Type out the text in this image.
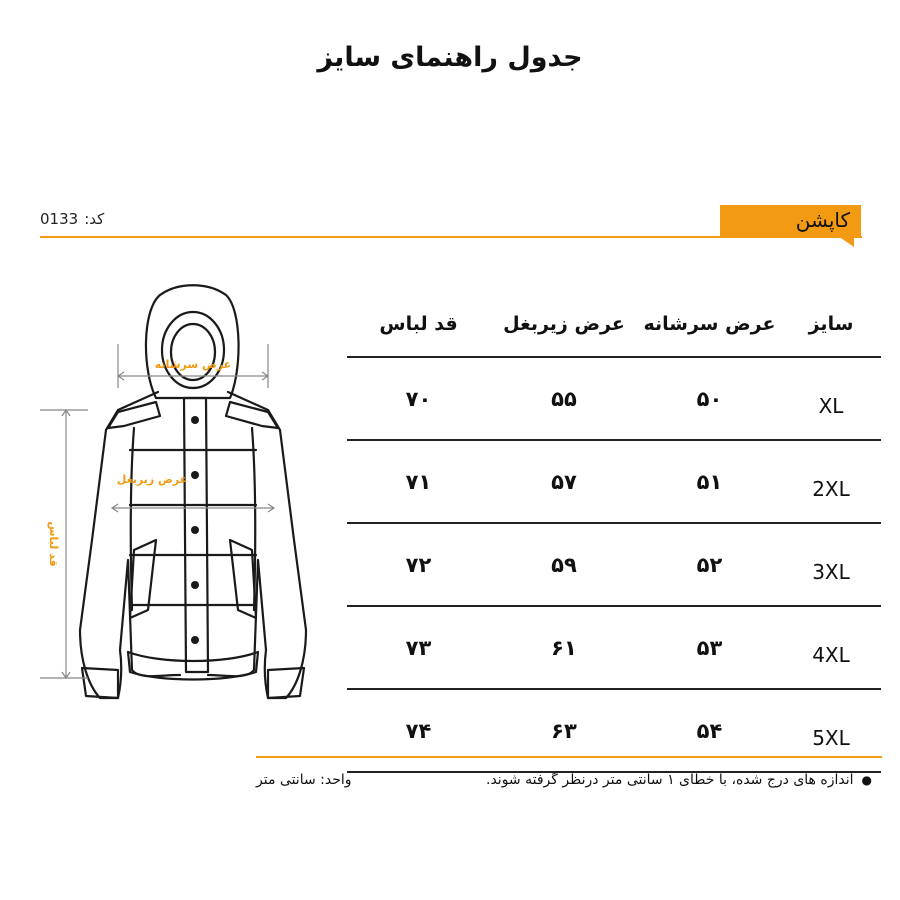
جدول راهنمای سایز
کاپشن
کد:0133
عرض سرشانه
عرض زیربغل
قد لباس
سایز	عرض سرشانه	عرض زیربغل	قد لباس
XL	۵۰	۵۵	۷۰
2XL	۵۱	۵۷	۷۱
3XL	۵۲	۵۹	۷۲
4XL	۵۳	۶۱	۷۳
5XL	۵۴	۶۳	۷۴
●اندازه های درج شده، با خطای ۱ سانتی متر درنظر گرفته شوند.
واحد: سانتی متر
